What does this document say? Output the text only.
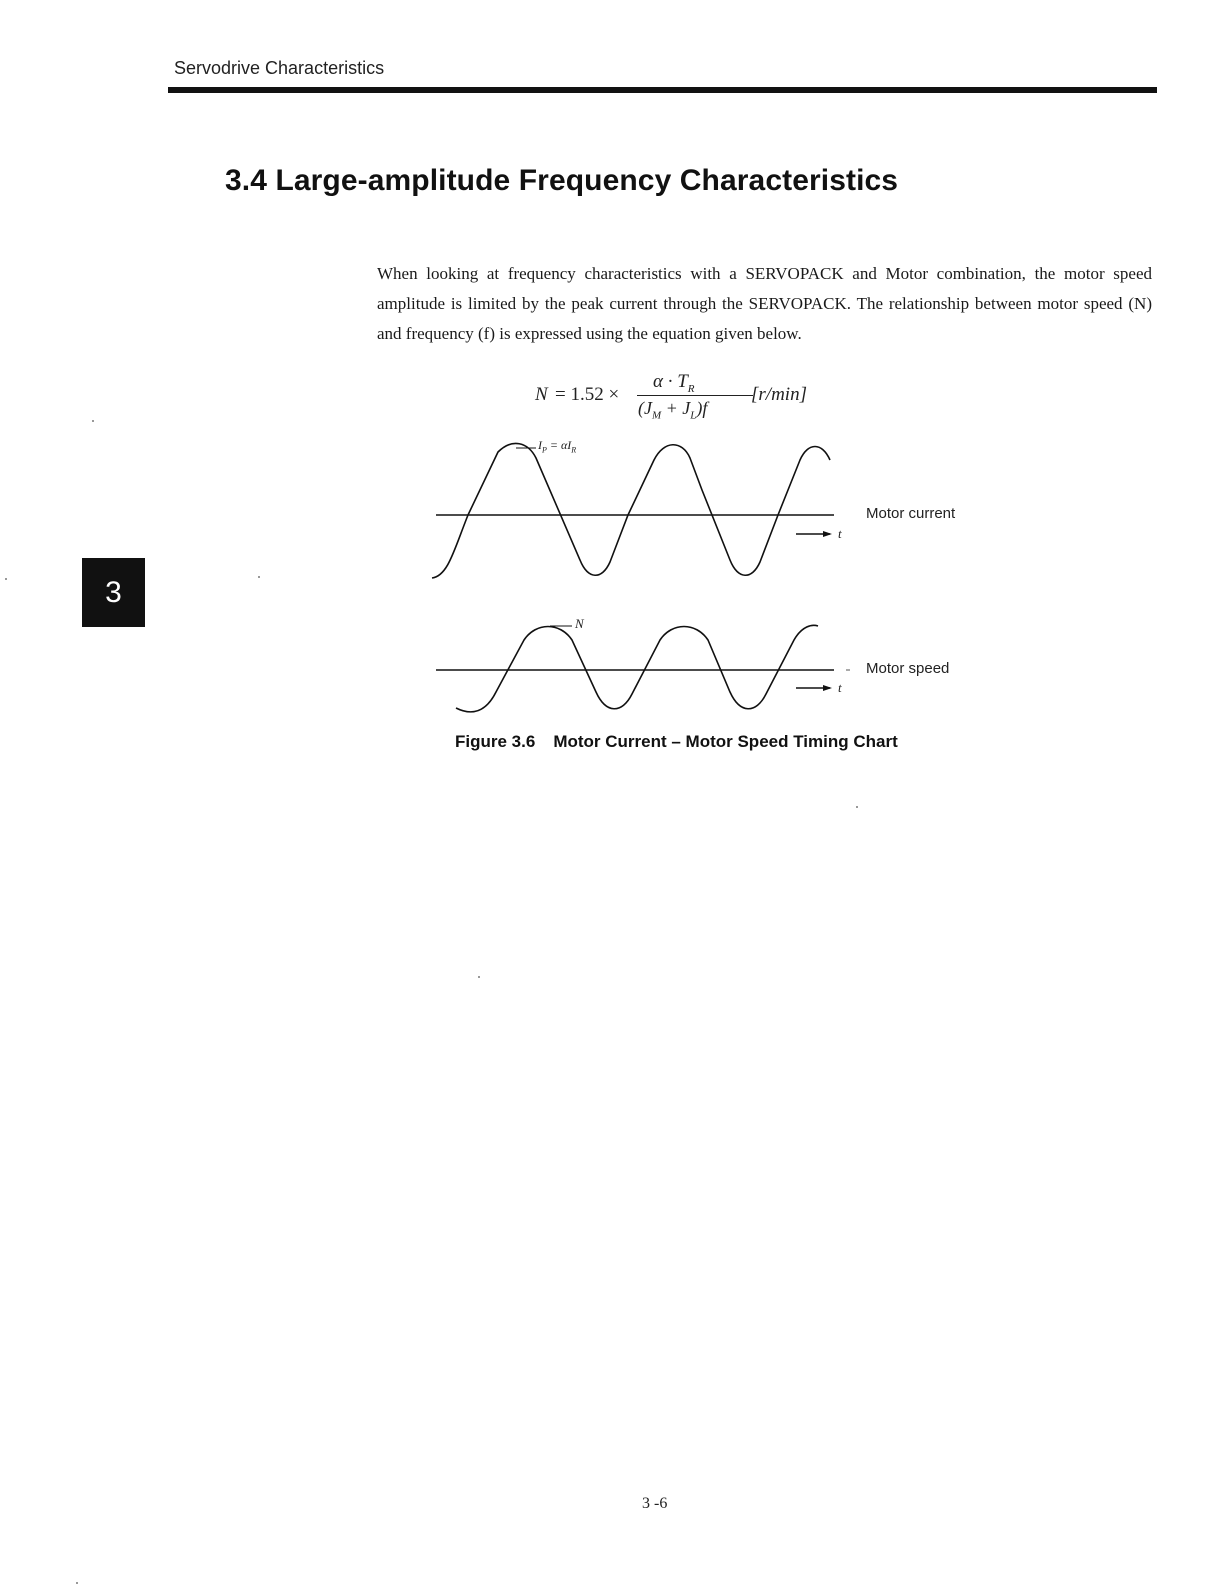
Servodrive Characteristics
3.4 Large-amplitude Frequency Characteristics

When looking at frequency characteristics with a SERVOPACK and Motor combination, the motor speed amplitude is limited by the peak current through the SERVOPACK. The relationship between motor speed (N) and frequency (f) is expressed using the equation given below.

3
N = 1.52 ×
$\alpha \cdot T_R$
$(J_M + J_L)f$
[r/min]
$I_P = \alpha I_R$
Motor current
t
N
Motor speed
t
Figure 3.6 Motor Current – Motor Speed Timing Chart
3 -6
